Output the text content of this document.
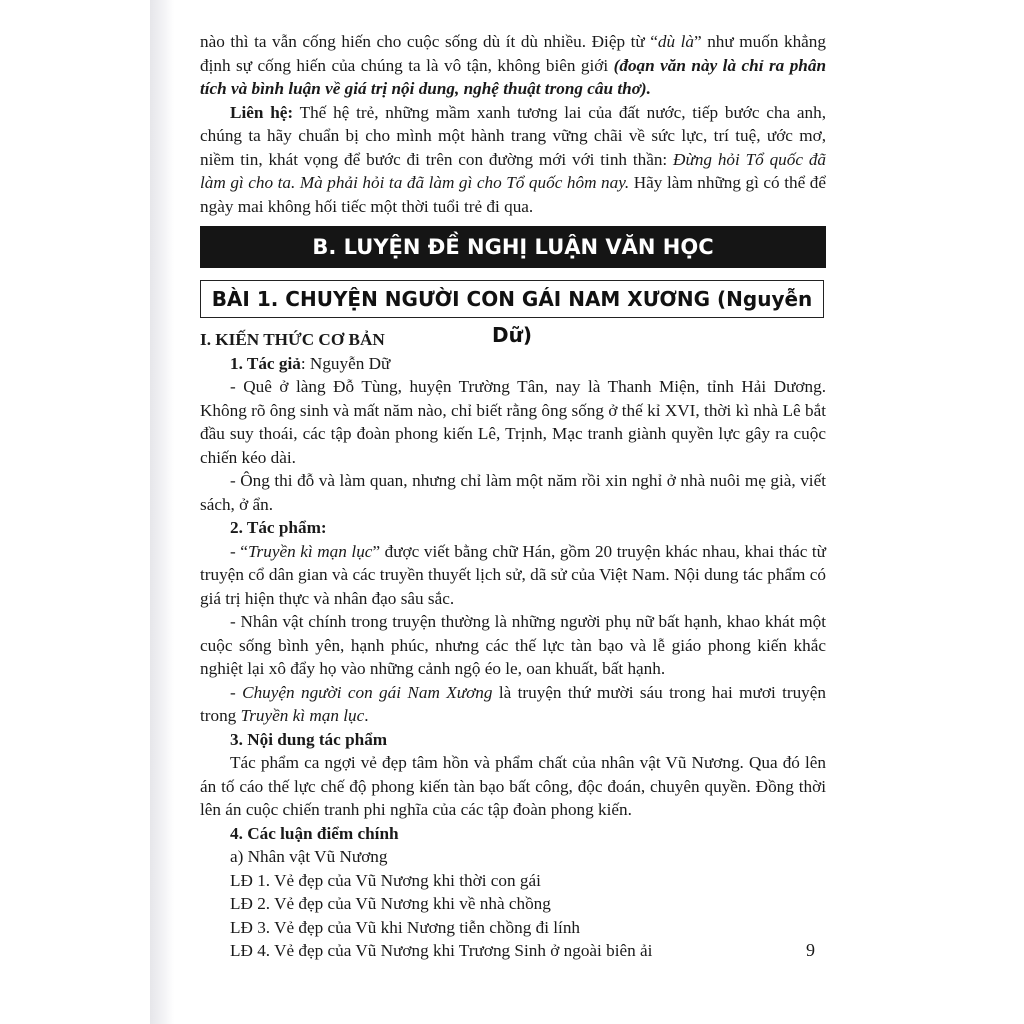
nào thì ta vẫn cống hiến cho cuộc sống dù ít dù nhiều. Điệp từ “dù là” như muốn khẳng định sự cống hiến của chúng ta là vô tận, không biên giới (đoạn văn này là chỉ ra phân tích và bình luận về giá trị nội dung, nghệ thuật trong câu thơ).

Liên hệ: Thế hệ trẻ, những mầm xanh tương lai của đất nước, tiếp bước cha anh, chúng ta hãy chuẩn bị cho mình một hành trang vững chãi về sức lực, trí tuệ, ước mơ, niềm tin, khát vọng để bước đi trên con đường mới với tinh thần: Đừng hỏi Tổ quốc đã làm gì cho ta. Mà phải hỏi ta đã làm gì cho Tổ quốc hôm nay. Hãy làm những gì có thể để ngày mai không hối tiếc một thời tuổi trẻ đi qua.

B. LUYỆN ĐỀ NGHỊ LUẬN VĂN HỌC
BÀI 1. CHUYỆN NGƯỜI CON GÁI NAM XƯƠNG (Nguyễn Dữ)

I. KIẾN THỨC CƠ BẢN

1. Tác giả: Nguyễn Dữ

- Quê ở làng Đỗ Tùng, huyện Trường Tân, nay là Thanh Miện, tỉnh Hải Dương. Không rõ ông sinh và mất năm nào, chỉ biết rằng ông sống ở thế kỉ XVI, thời kì nhà Lê bắt đầu suy thoái, các tập đoàn phong kiến Lê, Trịnh, Mạc tranh giành quyền lực gây ra cuộc chiến kéo dài.

- Ông thi đỗ và làm quan, nhưng chỉ làm một năm rồi xin nghỉ ở nhà nuôi mẹ già, viết sách, ở ẩn.

2. Tác phẩm:

- “Truyền kì mạn lục” được viết bằng chữ Hán, gồm 20 truyện khác nhau, khai thác từ truyện cổ dân gian và các truyền thuyết lịch sử, dã sử của Việt Nam. Nội dung tác phẩm có giá trị hiện thực và nhân đạo sâu sắc.

- Nhân vật chính trong truyện thường là những người phụ nữ bất hạnh, khao khát một cuộc sống bình yên, hạnh phúc, nhưng các thế lực tàn bạo và lễ giáo phong kiến khắc nghiệt lại xô đẩy họ vào những cảnh ngộ éo le, oan khuất, bất hạnh.

- Chuyện người con gái Nam Xương là truyện thứ mười sáu trong hai mươi truyện trong Truyền kì mạn lục.

3. Nội dung tác phẩm

Tác phẩm ca ngợi vẻ đẹp tâm hồn và phẩm chất của nhân vật Vũ Nương. Qua đó lên án tố cáo thế lực chế độ phong kiến tàn bạo bất công, độc đoán, chuyên quyền. Đồng thời lên án cuộc chiến tranh phi nghĩa của các tập đoàn phong kiến.

4. Các luận điểm chính

a) Nhân vật Vũ Nương

LĐ 1. Vẻ đẹp của Vũ Nương khi thời con gái

LĐ 2. Vẻ đẹp của Vũ Nương khi về nhà chồng

LĐ 3. Vẻ đẹp của Vũ khi Nương tiễn chồng đi lính

LĐ 4. Vẻ đẹp của Vũ Nương khi Trương Sinh ở ngoài biên ải	9
